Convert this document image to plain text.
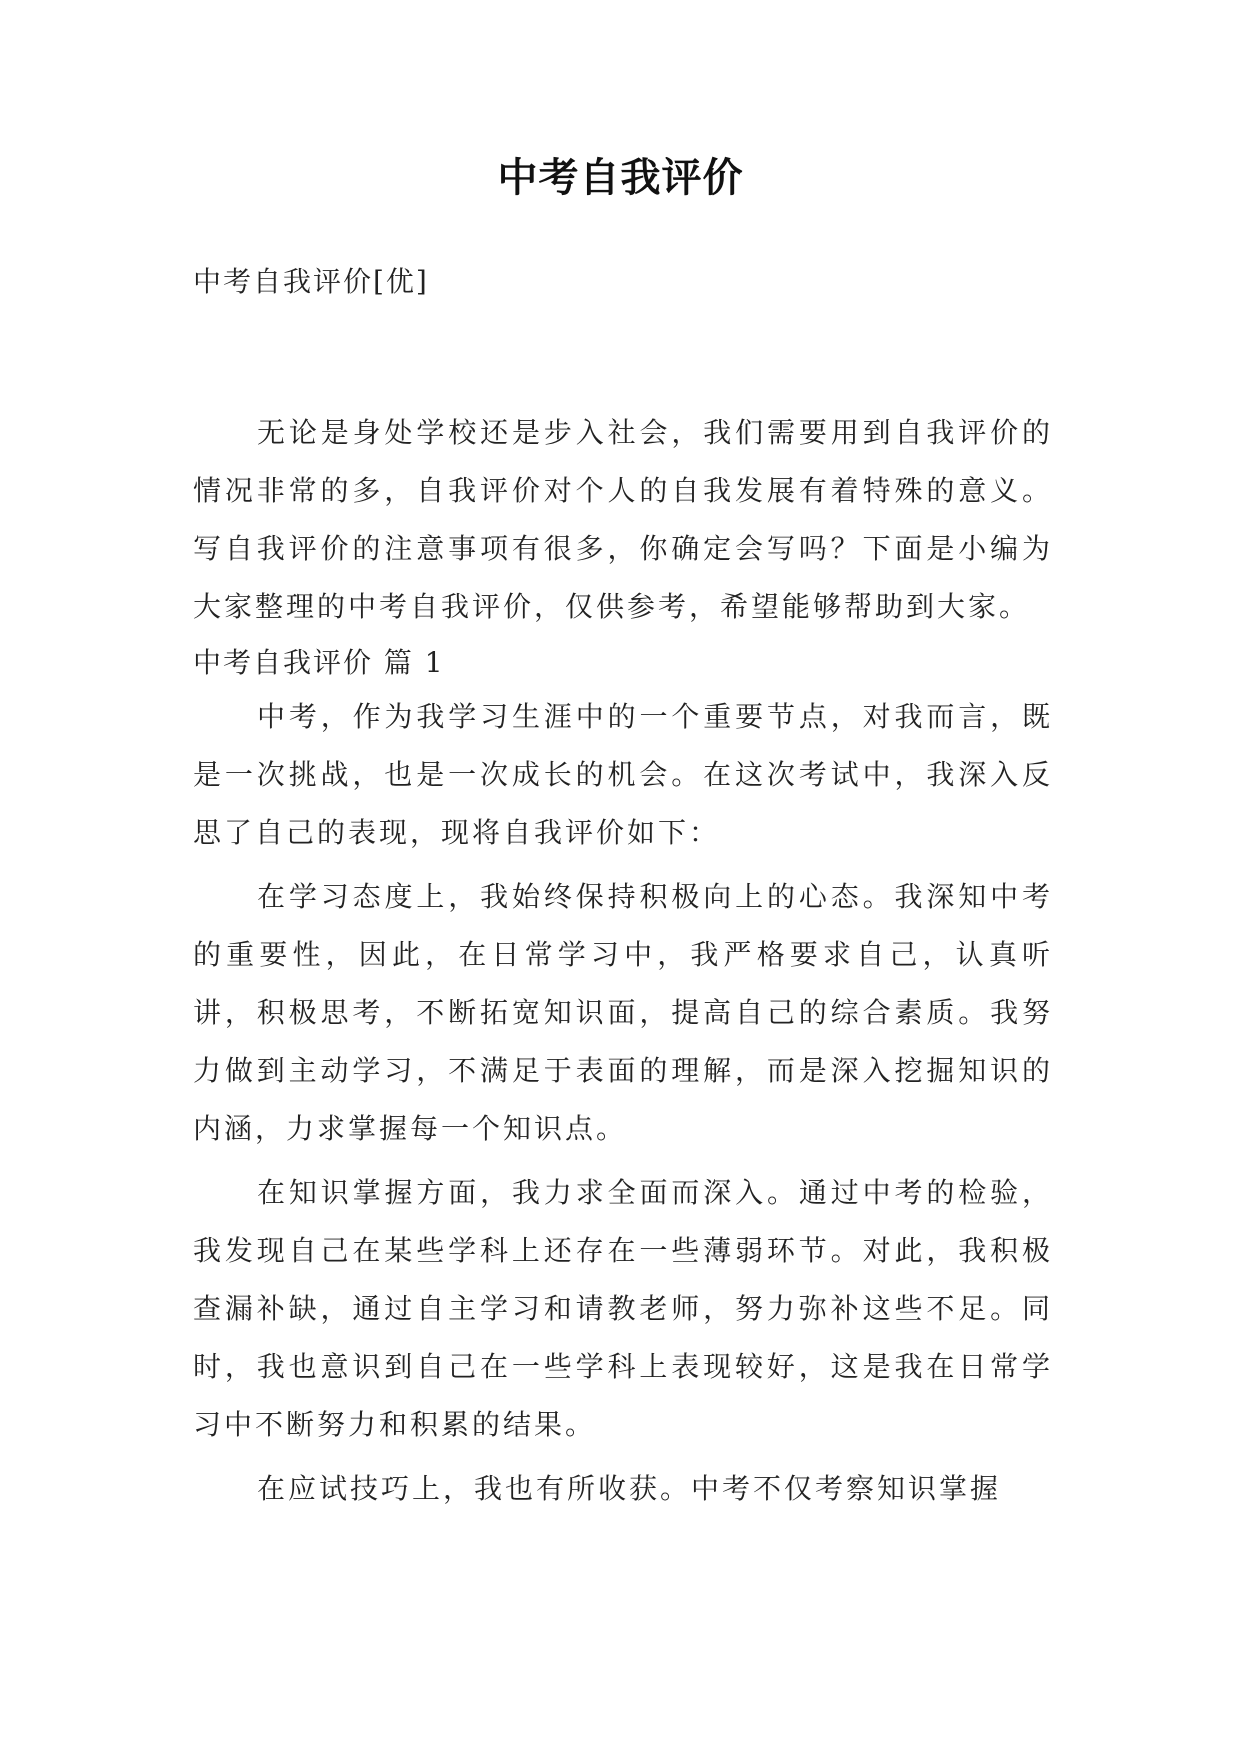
中考自我评价
中考自我评价[优]

无论是身处学校还是步入社会，我们需要用到自我评价的情况非常的多，自我评价对个人的自我发展有着特殊的意义。写自我评价的注意事项有很多，你确定会写吗？下面是小编为大家整理的中考自我评价，仅供参考，希望能够帮助到大家。

中考自我评价 篇 1

中考，作为我学习生涯中的一个重要节点，对我而言，既是一次挑战，也是一次成长的机会。在这次考试中，我深入反思了自己的表现，现将自我评价如下：

在学习态度上，我始终保持积极向上的心态。我深知中考的重要性，因此，在日常学习中，我严格要求自己，认真听讲，积极思考，不断拓宽知识面，提高自己的综合素质。我努力做到主动学习，不满足于表面的理解，而是深入挖掘知识的内涵，力求掌握每一个知识点。

在知识掌握方面，我力求全面而深入。通过中考的检验，我发现自己在某些学科上还存在一些薄弱环节。对此，我积极查漏补缺，通过自主学习和请教老师，努力弥补这些不足。同时，我也意识到自己在一些学科上表现较好，这是我在日常学习中不断努力和积累的结果。

在应试技巧上，我也有所收获。中考不仅考察知识掌握
